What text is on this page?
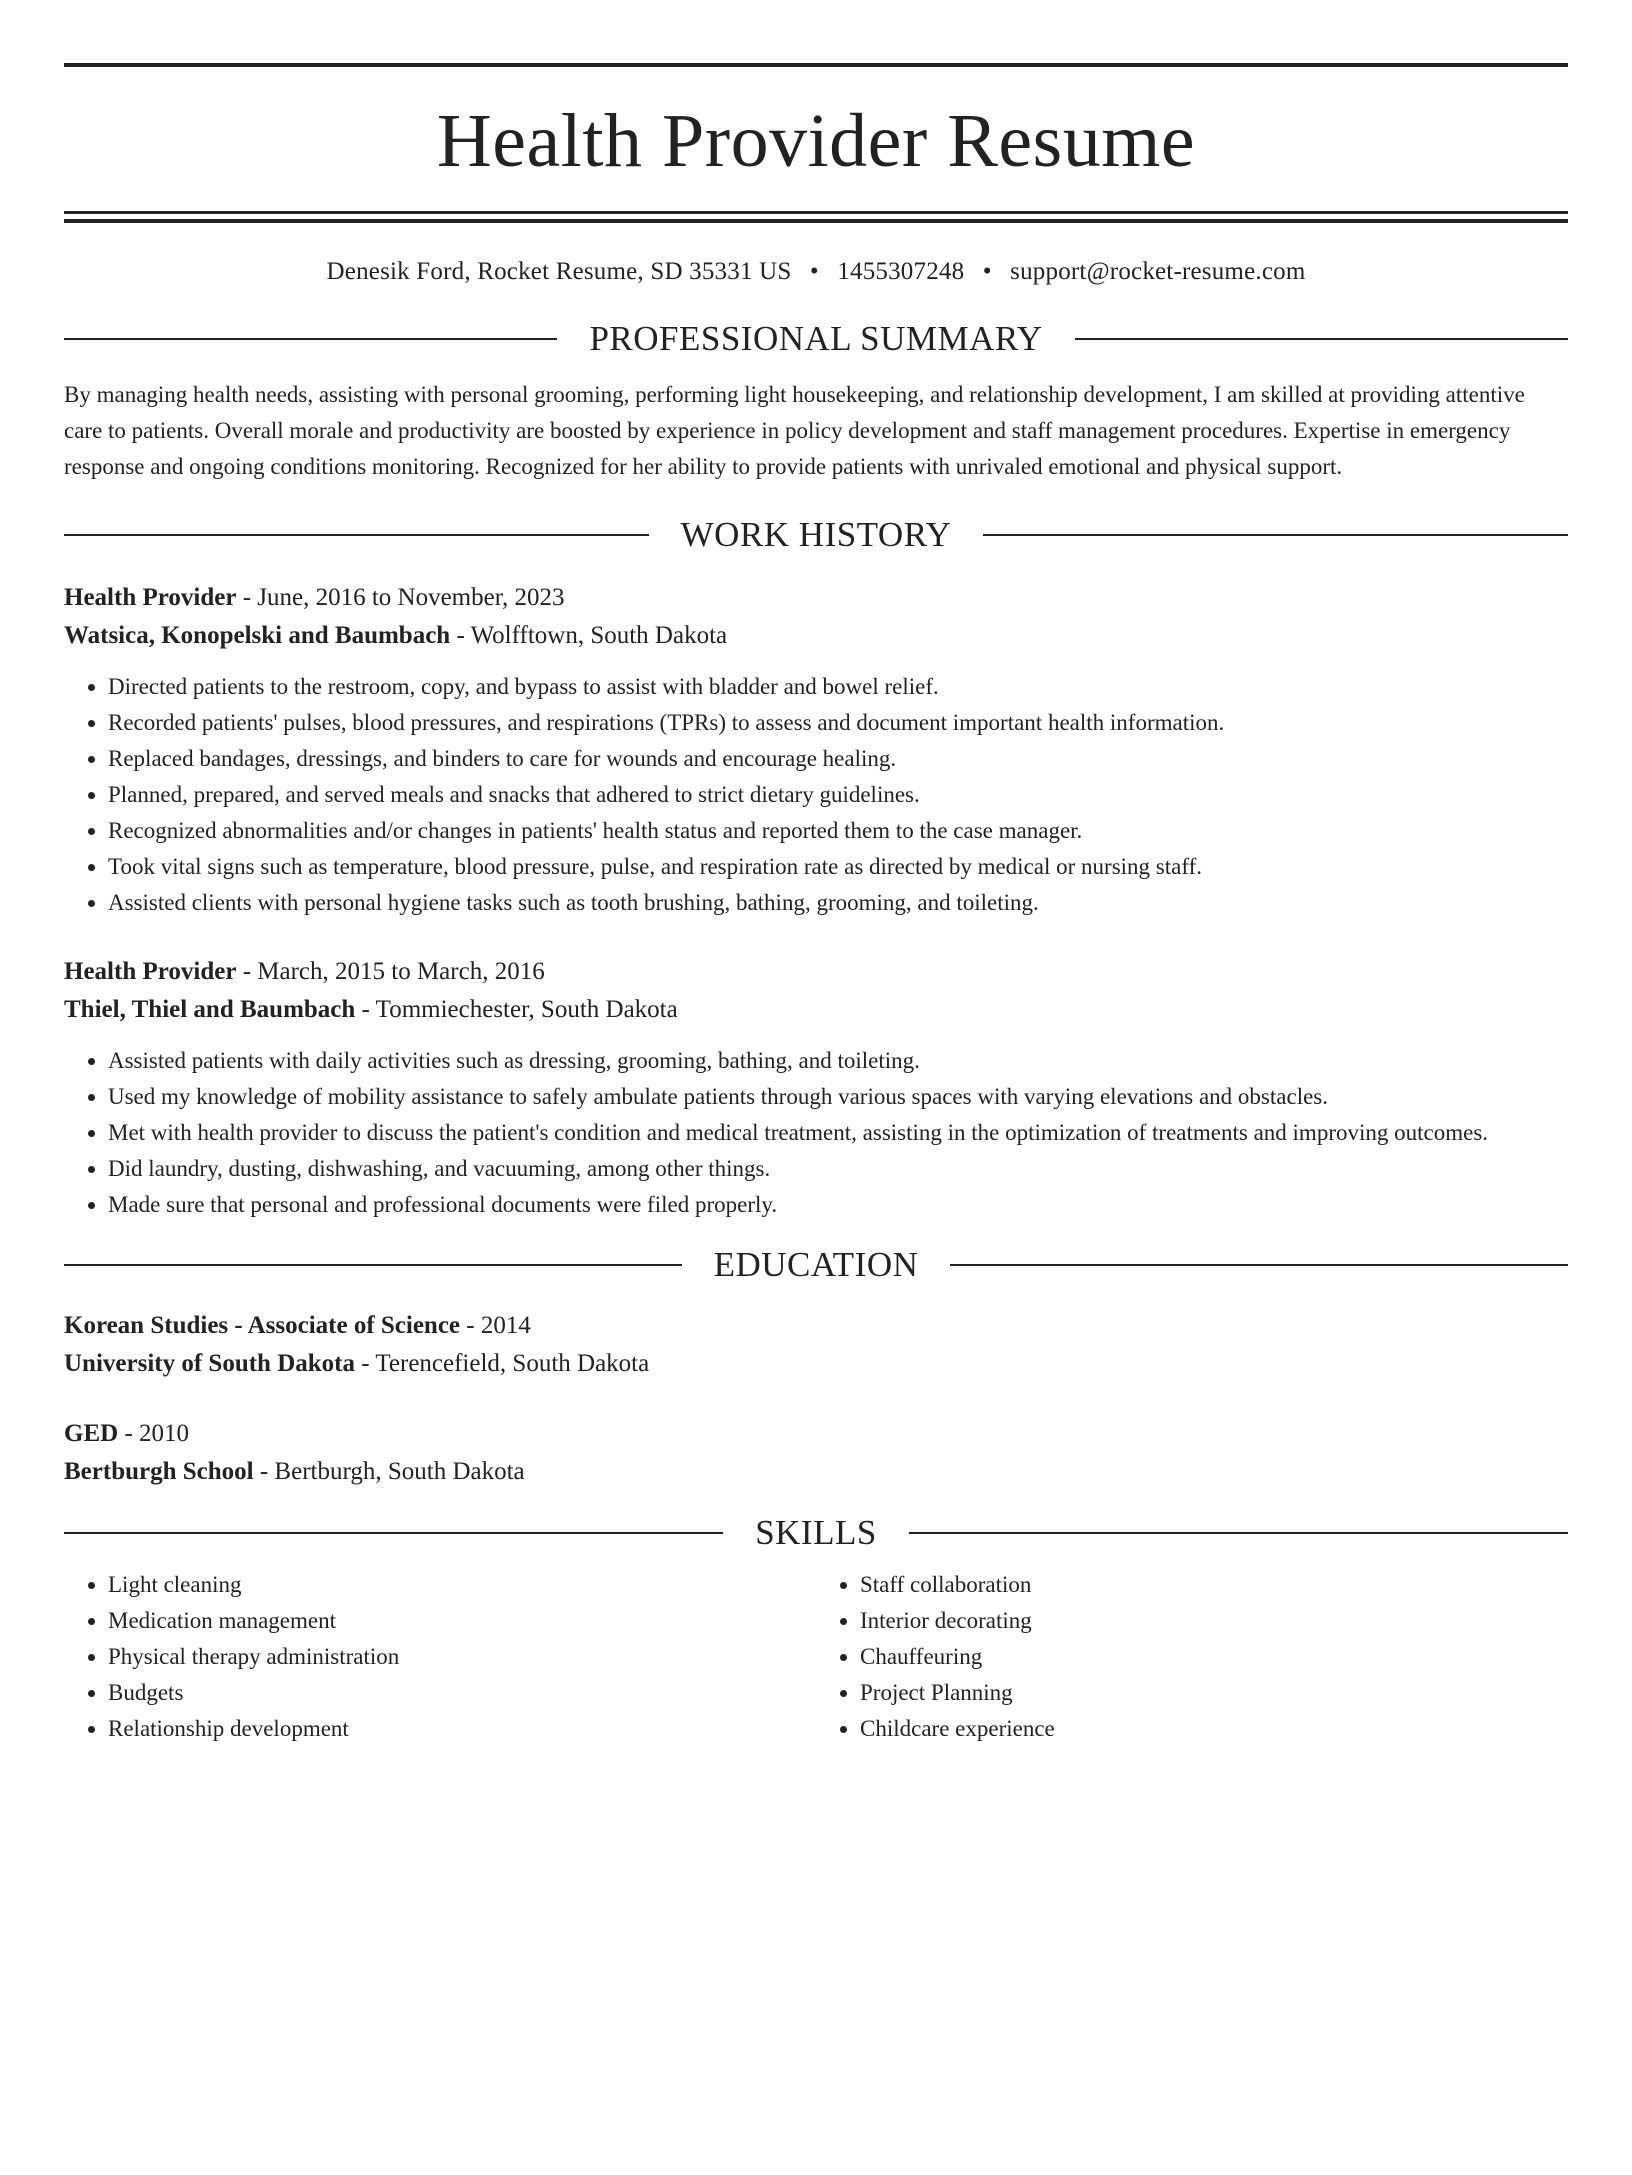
Health Provider Resume
Denesik Ford, Rocket Resume, SD 35331 US • 1455307248 • support@rocket-resume.com
PROFESSIONAL SUMMARY

By managing health needs, assisting with personal grooming, performing light housekeeping, and relationship development, I am skilled at providing attentive care to patients. Overall morale and productivity are boosted by experience in policy development and staff management procedures. Expertise in emergency response and ongoing conditions monitoring. Recognized for her ability to provide patients with unrivaled emotional and physical support.

WORK HISTORY
Health Provider - June, 2016 to November, 2023
Watsica, Konopelski and Baumbach - Wolfftown, South Dakota
• Directed patients to the restroom, copy, and bypass to assist with bladder and bowel relief.
• Recorded patients' pulses, blood pressures, and respirations (TPRs) to assess and document important health information.
• Replaced bandages, dressings, and binders to care for wounds and encourage healing.
• Planned, prepared, and served meals and snacks that adhered to strict dietary guidelines.
• Recognized abnormalities and/or changes in patients' health status and reported them to the case manager.
• Took vital signs such as temperature, blood pressure, pulse, and respiration rate as directed by medical or nursing staff.
• Assisted clients with personal hygiene tasks such as tooth brushing, bathing, grooming, and toileting.
Health Provider - March, 2015 to March, 2016
Thiel, Thiel and Baumbach - Tommiechester, South Dakota
• Assisted patients with daily activities such as dressing, grooming, bathing, and toileting.
• Used my knowledge of mobility assistance to safely ambulate patients through various spaces with varying elevations and obstacles.
• Met with health provider to discuss the patient's condition and medical treatment, assisting in the optimization of treatments and improving outcomes.
• Did laundry, dusting, dishwashing, and vacuuming, among other things.
• Made sure that personal and professional documents were filed properly.
EDUCATION
Korean Studies - Associate of Science - 2014
University of South Dakota - Terencefield, South Dakota
GED - 2010
Bertburgh School - Bertburgh, South Dakota
SKILLS
• Light cleaning
• Medication management
• Physical therapy administration
• Budgets
• Relationship development
• Staff collaboration
• Interior decorating
• Chauffeuring
• Project Planning
• Childcare experience
